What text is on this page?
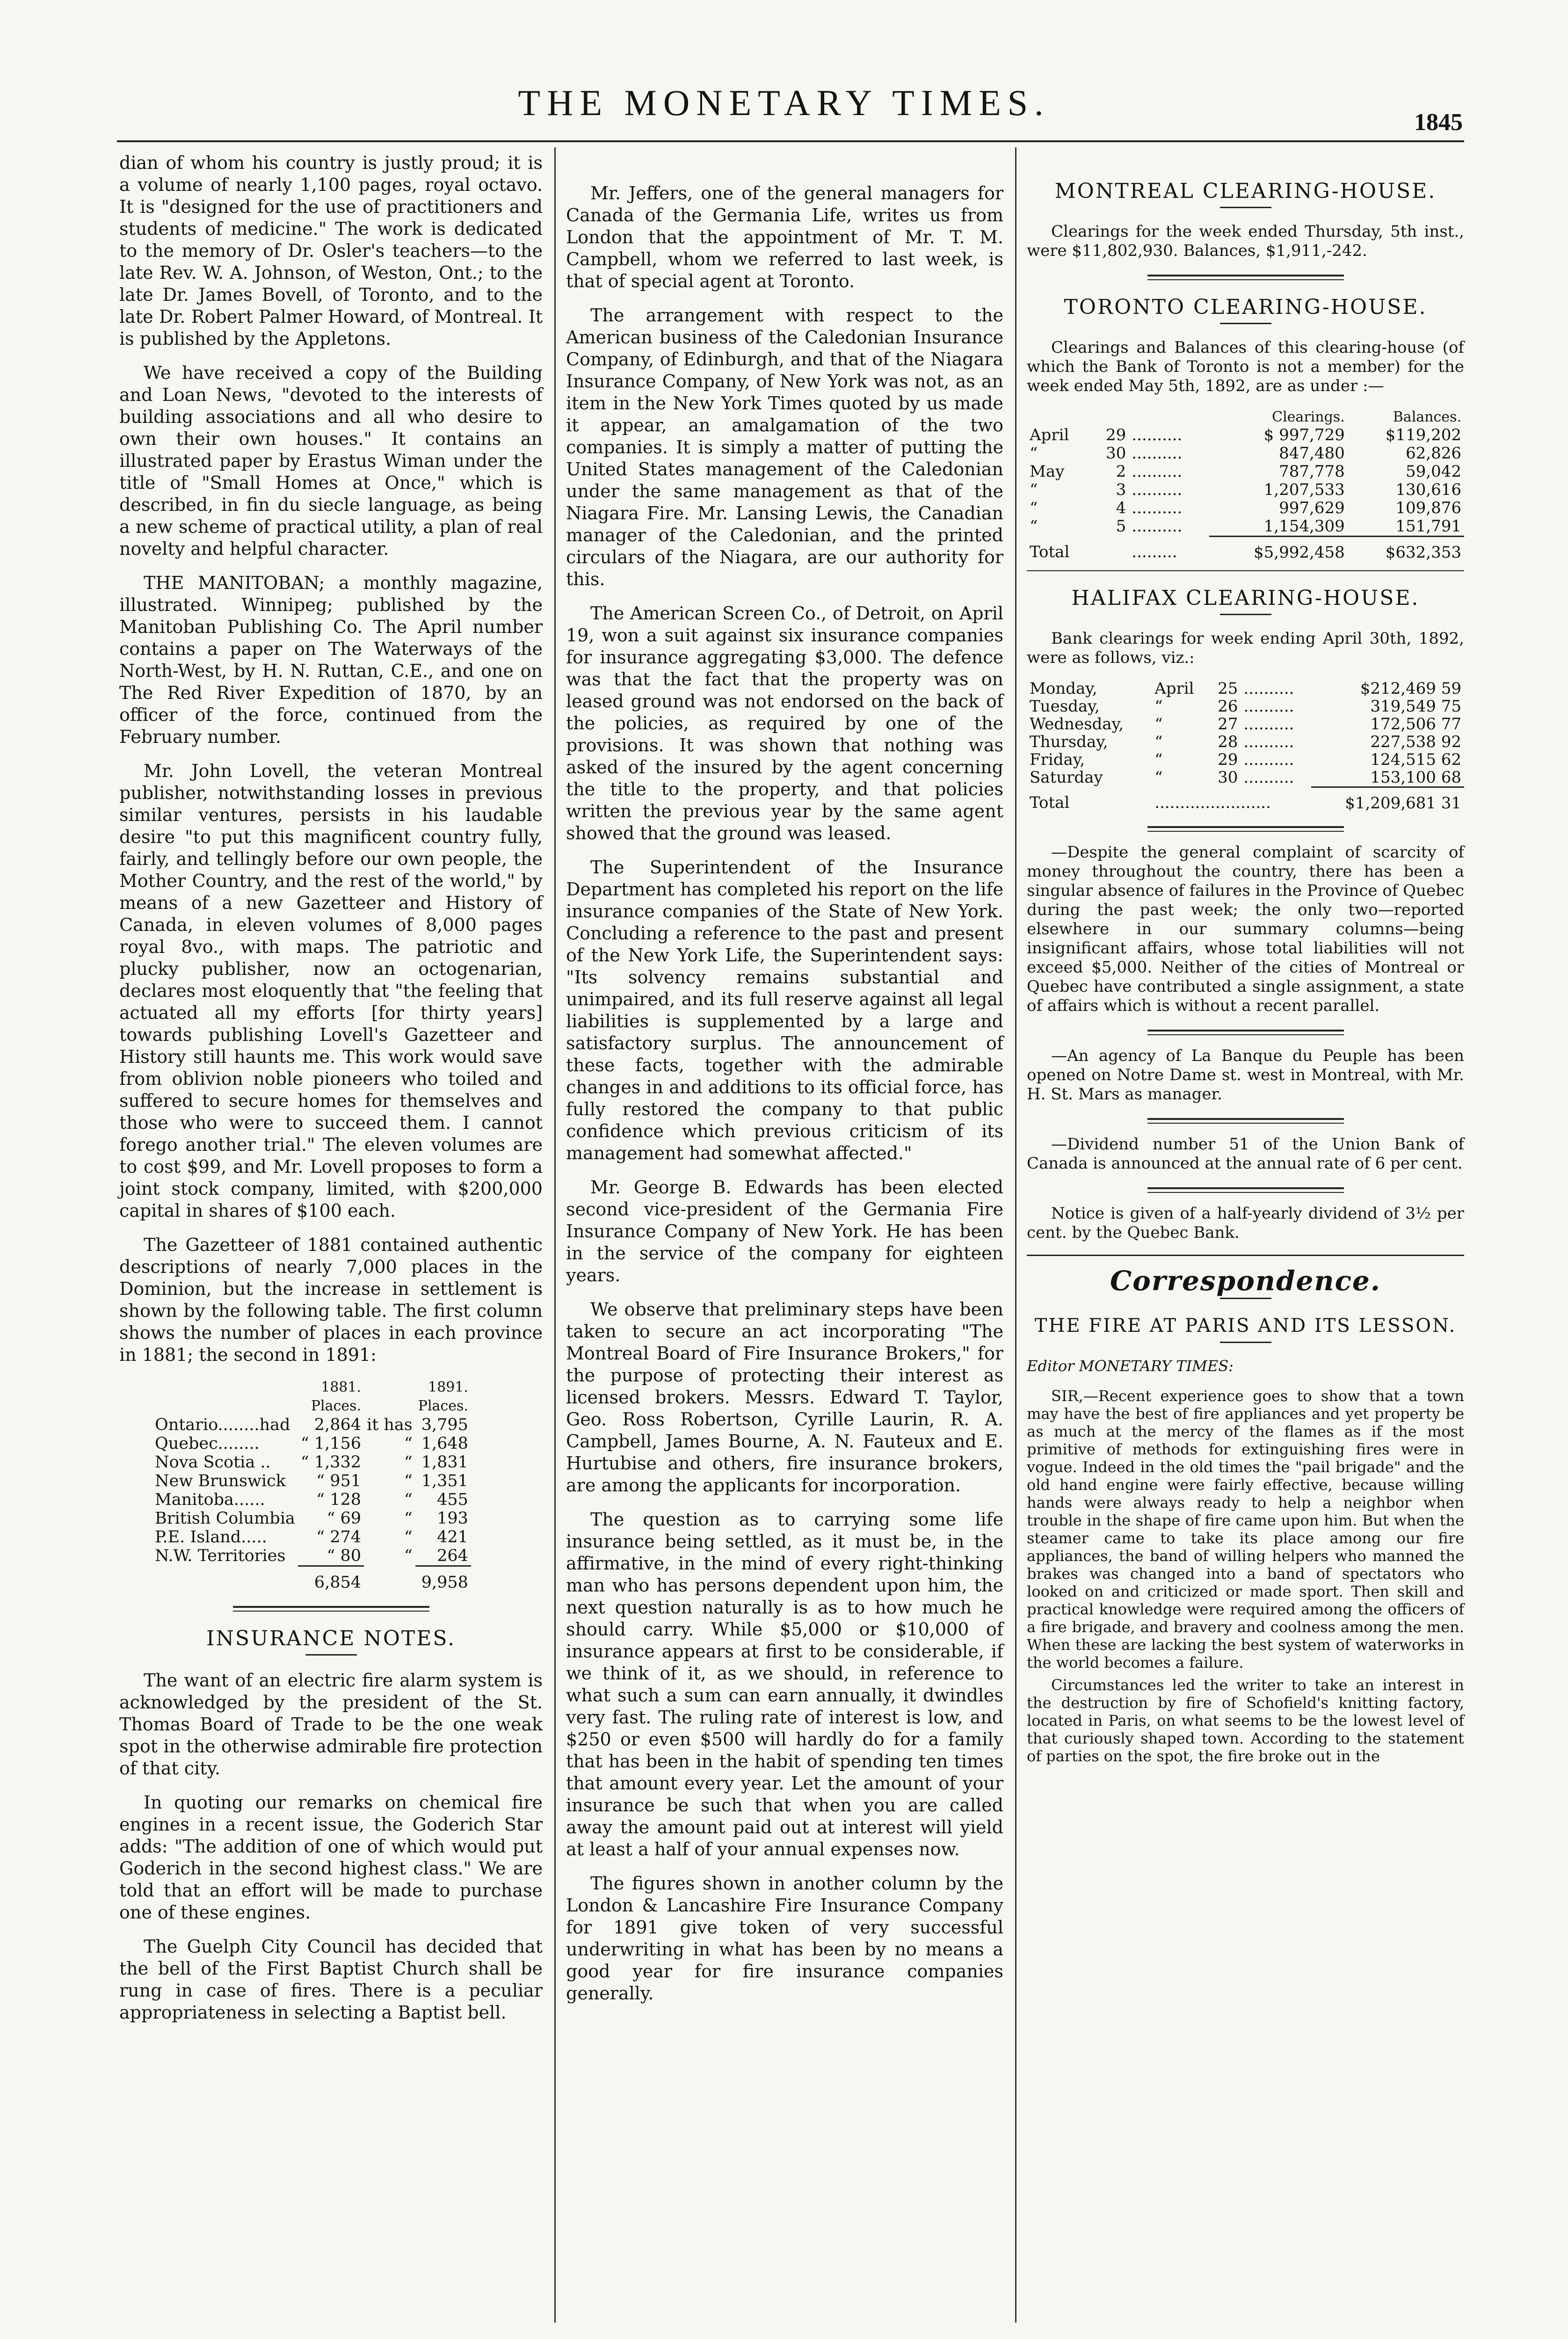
THE MONETARY TIMES.	1845

dian of whom his country is justly proud; it is a volume of nearly 1,100 pages, royal octavo. It is "designed for the use of practitioners and students of medicine." The work is dedicated to the memory of Dr. Osler's teachers—to the late Rev. W. A. Johnson, of Weston, Ont.; to the late Dr. James Bovell, of Toronto, and to the late Dr. Robert Palmer Howard, of Montreal. It is published by the Appletons.

We have received a copy of the Building and Loan News, "devoted to the interests of building associations and all who desire to own their own houses." It contains an illustrated paper by Erastus Wiman under the title of "Small Homes at Once," which is described, in fin du siecle language, as being a new scheme of practical utility, a plan of real novelty and helpful character.

THE MANITOBAN; a monthly magazine, illustrated. Winnipeg; published by the Manitoban Publishing Co. The April number contains a paper on The Waterways of the North-West, by H. N. Ruttan, C.E., and one on The Red River Expedition of 1870, by an officer of the force, continued from the February number.

Mr. John Lovell, the veteran Montreal publisher, notwithstanding losses in previous similar ventures, persists in his laudable desire "to put this magnificent country fully, fairly, and tellingly before our own people, the Mother Country, and the rest of the world," by means of a new Gazetteer and History of Canada, in eleven volumes of 8,000 pages royal 8vo., with maps. The patriotic and plucky publisher, now an octogenarian, declares most eloquently that "the feeling that actuated all my efforts [for thirty years] towards publishing Lovell's Gazetteer and History still haunts me. This work would save from oblivion noble pioneers who toiled and suffered to secure homes for themselves and those who were to succeed them. I cannot forego another trial." The eleven volumes are to cost $99, and Mr. Lovell proposes to form a joint stock company, limited, with $200,000 capital in shares of $100 each.

The Gazetteer of 1881 contained authentic descriptions of nearly 7,000 places in the Dominion, but the increase in settlement is shown by the following table. The first column shows the number of places in each province in 1881; the second in 1891:

	1881.
Places.		1891.
Places.
Ontario........had	2,864	it has	3,795
Quebec........	“ 1,156	“	1,648
Nova Scotia ..	“ 1,332	“	1,831
New Brunswick	“ 951	“	1,351
Manitoba......	“ 128	“	455
British Columbia	“ 69	“	193
P.E. Island.....	“ 274	“	421
N.W. Territories	“ 80	“	264
	6,854		9,958
INSURANCE NOTES.

The want of an electric fire alarm system is acknowledged by the president of the St. Thomas Board of Trade to be the one weak spot in the otherwise admirable fire protection of that city.

In quoting our remarks on chemical fire engines in a recent issue, the Goderich Star adds: "The addition of one of which would put Goderich in the second highest class." We are told that an effort will be made to purchase one of these engines.

The Guelph City Council has decided that the bell of the First Baptist Church shall be rung in case of fires. There is a peculiar appropriateness in selecting a Baptist bell.

Mr. Jeffers, one of the general managers for Canada of the Germania Life, writes us from London that the appointment of Mr. T. M. Campbell, whom we referred to last week, is that of special agent at Toronto.

The arrangement with respect to the American business of the Caledonian Insurance Company, of Edinburgh, and that of the Niagara Insurance Company, of New York was not, as an item in the New York Times quoted by us made it appear, an amalgamation of the two companies. It is simply a matter of putting the United States management of the Caledonian under the same management as that of the Niagara Fire. Mr. Lansing Lewis, the Canadian manager of the Caledonian, and the printed circulars of the Niagara, are our authority for this.

The American Screen Co., of Detroit, on April 19, won a suit against six insurance companies for insurance aggregating $3,000. The defence was that the fact that the property was on leased ground was not endorsed on the back of the policies, as required by one of the provisions. It was shown that nothing was asked of the insured by the agent concerning the title to the property, and that policies written the previous year by the same agent showed that the ground was leased.

The Superintendent of the Insurance Department has completed his report on the life insurance companies of the State of New York. Concluding a reference to the past and present of the New York Life, the Superintendent says: "Its solvency remains substantial and unimpaired, and its full reserve against all legal liabilities is supplemented by a large and satisfactory surplus. The announcement of these facts, together with the admirable changes in and additions to its official force, has fully restored the company to that public confidence which previous criticism of its management had somewhat affected."

Mr. George B. Edwards has been elected second vice-president of the Germania Fire Insurance Company of New York. He has been in the service of the company for eighteen years.

We observe that preliminary steps have been taken to secure an act incorporating "The Montreal Board of Fire Insurance Brokers," for the purpose of protecting their interest as licensed brokers. Messrs. Edward T. Taylor, Geo. Ross Robertson, Cyrille Laurin, R. A. Campbell, James Bourne, A. N. Fauteux and E. Hurtubise and others, fire insurance brokers, are among the applicants for incorporation.

The question as to carrying some life insurance being settled, as it must be, in the affirmative, in the mind of every right-thinking man who has persons dependent upon him, the next question naturally is as to how much he should carry. While $5,000 or $10,000 of insurance appears at first to be considerable, if we think of it, as we should, in reference to what such a sum can earn annually, it dwindles very fast. The ruling rate of interest is low, and $250 or even $500 will hardly do for a family that has been in the habit of spending ten times that amount every year. Let the amount of your insurance be such that when you are called away the amount paid out at interest will yield at least a half of your annual expenses now.

The figures shown in another column by the London & Lancashire Fire Insurance Company for 1891 give token of very successful underwriting in what has been by no means a good year for fire insurance companies generally.

MONTREAL CLEARING-HOUSE.

Clearings for the week ended Thursday, 5th inst., were $11,802,930. Balances, $1,911,-242.

TORONTO CLEARING-HOUSE.

Clearings and Balances of this clearing-house (of which the Bank of Toronto is not a member) for the week ended May 5th, 1892, are as under :—

			Clearings.	Balances.
April	29	..........	$ 997,729	$119,202
“	30	..........	847,480	62,826
May	2	..........	787,778	59,042
“	3	..........	1,207,533	130,616
“	4	..........	997,629	109,876
“	5	..........	1,154,309	151,791
Total		.........	$5,992,458	$632,353
HALIFAX CLEARING-HOUSE.

Bank clearings for week ending April 30th, 1892, were as follows, viz.:

Monday,	April	25	..........	$212,469 59
Tuesday,	“	26	..........	319,549 75
Wednesday,	“	27	..........	172,506 77
Thursday,	“	28	..........	227,538 92
Friday,	“	29	..........	124,515 62
Saturday	“	30	..........	153,100 68
Total	.......................			$1,209,681 31

—Despite the general complaint of scarcity of money throughout the country, there has been a singular absence of failures in the Province of Quebec during the past week; the only two—reported elsewhere in our summary columns—being insignificant affairs, whose total liabilities will not exceed $5,000. Neither of the cities of Montreal or Quebec have contributed a single assignment, a state of affairs which is without a recent parallel.

—An agency of La Banque du Peuple has been opened on Notre Dame st. west in Montreal, with Mr. H. St. Mars as manager.

—Dividend number 51 of the Union Bank of Canada is announced at the annual rate of 6 per cent.

Notice is given of a half-yearly dividend of 3½ per cent. by the Quebec Bank.

Correspondence.
THE FIRE AT PARIS AND ITS LESSON.

Editor MONETARY TIMES:

SIR,—Recent experience goes to show that a town may have the best of fire appliances and yet property be as much at the mercy of the flames as if the most primitive of methods for extinguishing fires were in vogue. Indeed in the old times the "pail brigade" and the old hand engine were fairly effective, because willing hands were always ready to help a neighbor when trouble in the shape of fire came upon him. But when the steamer came to take its place among our fire appliances, the band of willing helpers who manned the brakes was changed into a band of spectators who looked on and criticized or made sport. Then skill and practical knowledge were required among the officers of a fire brigade, and bravery and coolness among the men. When these are lacking the best system of waterworks in the world becomes a failure.

Circumstances led the writer to take an interest in the destruction by fire of Schofield's knitting factory, located in Paris, on what seems to be the lowest level of that curiously shaped town. According to the statement of parties on the spot, the fire broke out in the
